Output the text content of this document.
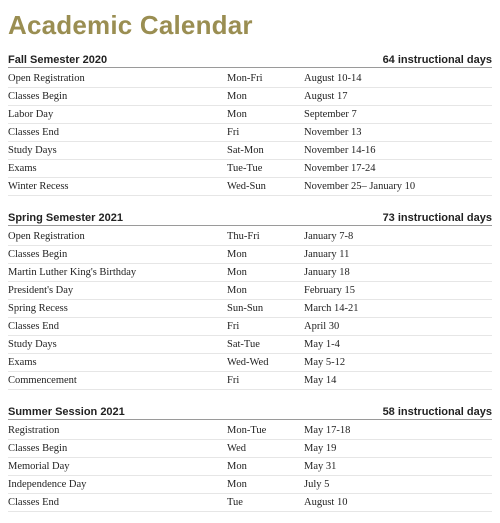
Academic Calendar
Fall Semester 2020	64 instructional days
Open Registration	Mon-Fri	August 10-14
Classes Begin	Mon	August 17
Labor Day	Mon	September 7
Classes End	Fri	November 13
Study Days	Sat-Mon	November 14-16
Exams	Tue-Tue	November 17-24
Winter Recess	Wed-Sun	November 25– January 10
Spring Semester 2021	73 instructional days
Open Registration	Thu-Fri	January 7-8
Classes Begin	Mon	January 11
Martin Luther King's Birthday	Mon	January 18
President's Day	Mon	February 15
Spring Recess	Sun-Sun	March 14-21
Classes End	Fri	April 30
Study Days	Sat-Tue	May 1-4
Exams	Wed-Wed	May 5-12
Commencement	Fri	May 14
Summer Session 2021	58 instructional days
Registration	Mon-Tue	May 17-18
Classes Begin	Wed	May 19
Memorial Day	Mon	May 31
Independence Day	Mon	July 5
Classes End	Tue	August 10
